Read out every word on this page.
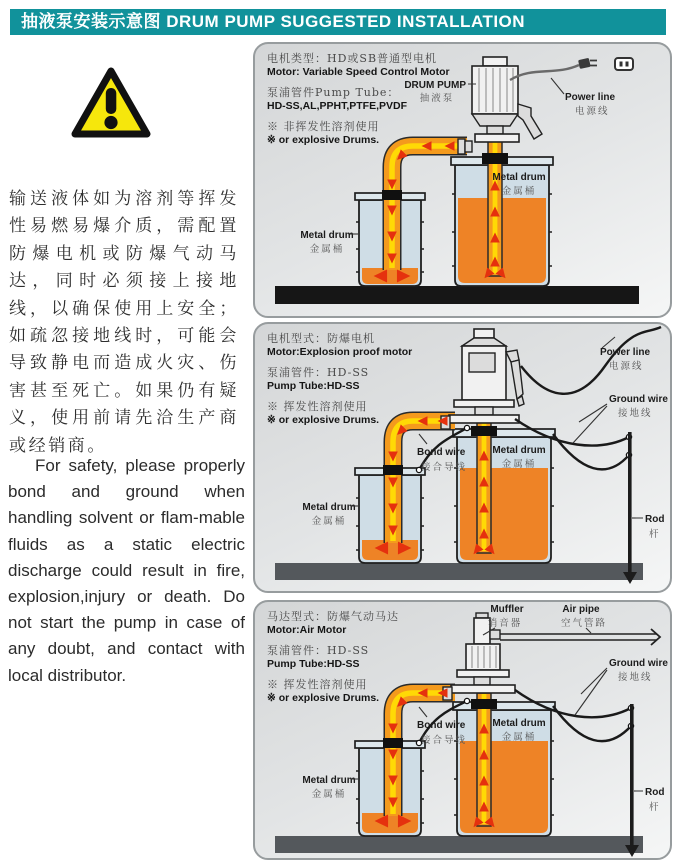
抽液泵安装示意图 DRUM PUMP SUGGESTED INSTALLATION
输送液体如为溶剂等挥发性易燃易爆介质，需配置防爆电机或防爆气动马达，同时必须接上接地线，以确保使用上安全；如疏忽接地线时，可能会导致静电而造成火灾、伤害甚至死亡。如果仍有疑义，使用前请先洽生产商或经销商。
For safety, please properly bond and ground when handling solvent or flam-mable fluids as a static electric discharge could result in fire, explosion,injury or death. Do not start the pump in case of any doubt, and contact with local distributor.
DRUM PUMP
抽液泵	Power line
电源线
Metal drum
金属桶
Metal drum
金属桶
电机类型：HD或SB普通型电机
Motor: Variable Speed Control Motor
泵浦管件Pump Tube：
HD-SS,AL,PPHT,PTFE,PVDF
※ 非挥发性溶剂使用
※ or explosive Drums.
Power line
电源线
Ground wire
接地线
Bond wire
接合导线
Rod
杆
Metal drum
金属桶
Metal drum
金属桶
电机型式：防爆电机
Motor:Explosion proof motor
泵浦管件：HD-SS
Pump Tube:HD-SS
※ 挥发性溶剂使用
※ or explosive Drums.
Muffler
消音器
Air pipe
空气管路
Ground wire
接地线
Bond wire
接合导线
Rod
杆
Metal drum
金属桶
Metal drum
金属桶
马达型式：防爆气动马达
Motor:Air Motor
泵浦管件：HD-SS
Pump Tube:HD-SS
※ 挥发性溶剂使用
※ or explosive Drums.
